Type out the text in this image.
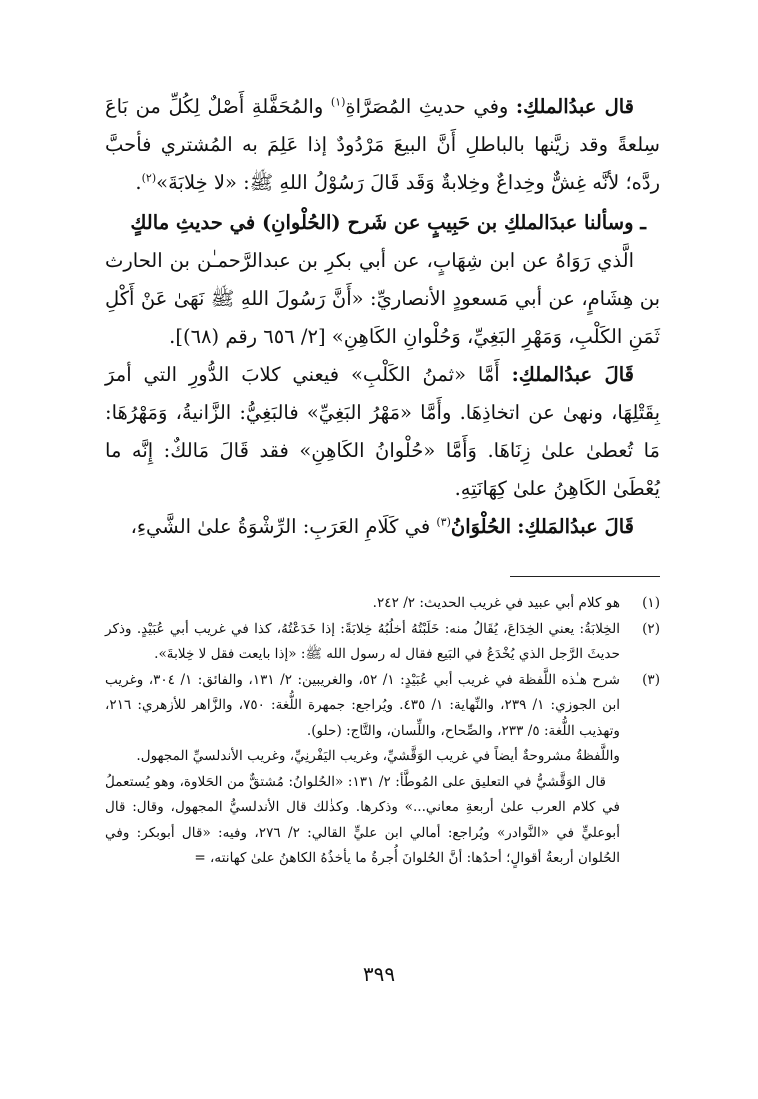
قال عبدُالملكِ: وفي حديثِ المُصَرَّاةِ$^{(١)}$ والمُحَفَّلةِ أَصْلٌ لِكُلِّ من بَاعَ سِلعةً وقد زيَّنها بالباطلِ أَنَّ البيعَ مَرْدُودٌ إذا عَلِمَ به المُشتري فأحبَّ ردَّه؛ لأنَّه غِشٌّ وخِداعٌ وخِلابةٌ وَقَد قَالَ رَسُوْلُ اللهِ ﷺ: «لا خِلابَةَ»$^{(٢)}$.

ـ وسألنا عبدَالملكِ بن حَبِيبٍ عن شَرح (الحُلْوانِ) في حديثِ مالكٍ

الَّذي رَوَاهُ عن ابن شِهَابٍ، عن أبي بكرِ بن عبدالرَّحمـٰن بن الحارث بن هِشَامٍ، عن أبي مَسعودٍ الأنصاريِّ: «أَنَّ رَسُولَ اللهِ ﷺ نَهَىٰ عَنْ أَكْلِ ثَمَنِ الكَلْبِ، وَمَهْرِ البَغِيِّ، وَحُلْوانِ الكَاهِنِ» [٢/ ٦٥٦ رقم (٦٨)].

قَالَ عبدُالملكِ: أَمَّا «ثمنُ الكَلْبِ» فيعني كلابَ الدُّورِ التي أمرَ بِقَتْلِهَا، ونهىٰ عن اتخاذِهَا. وأَمَّا «مَهْرُ البَغِيِّ» فالبَغِيُّ: الزَّانيةُ، وَمَهْرُهَا: مَا تُعطىٰ علىٰ زِنَاهَا. وَأَمَّا «حُلْوانُ الكَاهِنِ» فقد قَالَ مَالكٌ: إِنَّه ما يُعْطَىٰ الكَاهِنُ علىٰ كِهَانَتِهِ.

قَالَ عبدُالمَلكِ: الحُلْوَانُ$^{(٣)}$ في كَلَامِ العَرَبِ: الرِّشْوَةُ علىٰ الشَّيءِ،

(١)

هو كلام أبي عبيد في غريب الحديث: ٢/ ٢٤٢.

(٢)

الخِلابَةُ: يعني الخِدَاعَ، يُقَالُ منه: خَلَبْتُهُ أخلُبُهُ خِلابَةً: إذا خَدَعْتُهُ، كذا في غريب أبي عُبَيْدٍ. وذكر حديثَ الرَّجل الذي يُخْدَعُ في البَيع فقال له رسول الله ﷺ: «إذا بايعت فقل لا خِلابةَ».

(٣)

شرح هـٰذه اللَّفظة في غريب أبي عُبَيْدٍ: ١/ ٥٢، والغريبين: ٢/ ١٣١، والفائق: ١/ ٣٠٤، وغريب ابن الجوزي: ١/ ٢٣٩، والنِّهاية: ١/ ٤٣٥. ويُراجع: جمهرة اللُّغة: ٧٥٠، والزَّاهر للأزهري: ٢١٦، وتهذيب اللُّغة: ٥/ ٢٣٣، والصِّحاح، واللِّسان، والتَّاج: (حلو).

واللَّفظةُ مشروحةٌ أيضاً في غريب الوَقَّشيِّ، وغريب اليَفْرنِيِّ، وغريب الأندلسيِّ المجهول.

قال الوَقَّشيُّ في التعليق على المُوطَّأ: ٢/ ١٣١: «الحُلوانُ: مُشتقٌّ من الحَلاوة، وهو يُستعملُ في كلام العرب علىٰ أربعةِ معاني...» وذكرها. وكذٰلك قال الأندلسيُّ المجهول، وقال: قال أبوعليٍّ في «النَّوادر» ويُراجع: أمالي ابن عليٍّ القالي: ٢/ ٢٧٦، وفيه: «قال أبوبكر: وفي الحُلوان أربعةُ أقوالٍ؛ أحدُها: أنَّ الحُلوانَ أُجرةُ ما يأخذُهُ الكاهنُ علىٰ كهانته، =

٣٩٩
